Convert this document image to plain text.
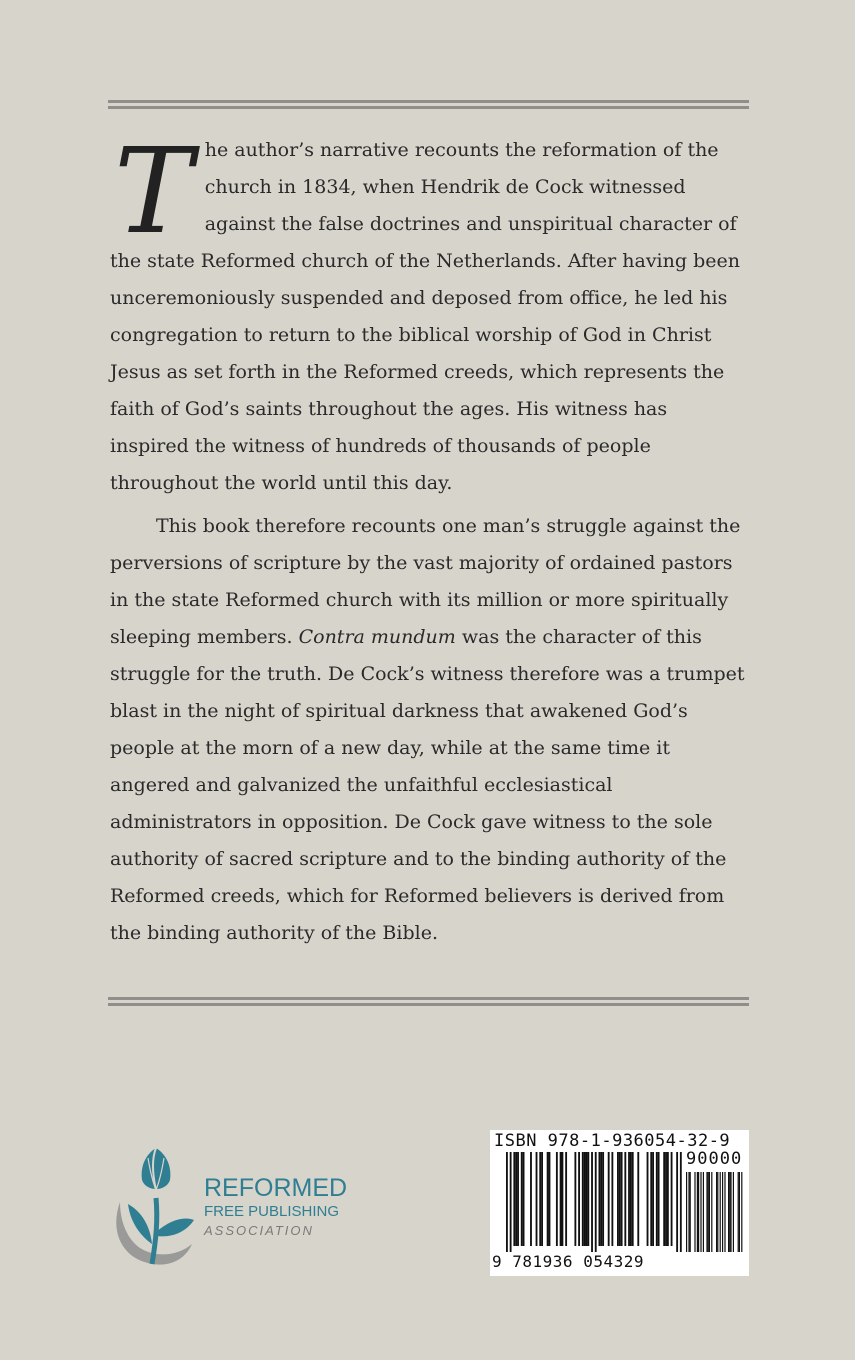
The author’s narrative recounts the reformation of the church in 1834, when Hendrik de Cock witnessed against the false doctrines and unspiritual character of the state Reformed church of the Netherlands. After having been unceremoniously suspended and deposed from office, he led his congregation to return to the biblical worship of God in Christ Jesus as set forth in the Reformed creeds, which represents the faith of God’s saints throughout the ages. His witness has inspired the witness of hundreds of thousands of people throughout the world until this day.

This book therefore recounts one man’s struggle against the perversions of scripture by the vast majority of ordained pastors in the state Reformed church with its million or more spiritually sleeping members. Contra mundum was the character of this struggle for the truth. De Cock’s witness therefore was a trumpet blast in the night of spiritual darkness that awakened God’s people at the morn of a new day, while at the same time it angered and galvanized the unfaithful ecclesiastical administrators in opposition. De Cock gave witness to the sole authority of sacred scripture and to the binding authority of the Reformed creeds, which for Reformed believers is derived from the binding authority of the Bible.

REFORMED
FREE PUBLISHING
ASSOCIATION
ISBN 978-1-936054-32-9
90000
9 781936 054329
